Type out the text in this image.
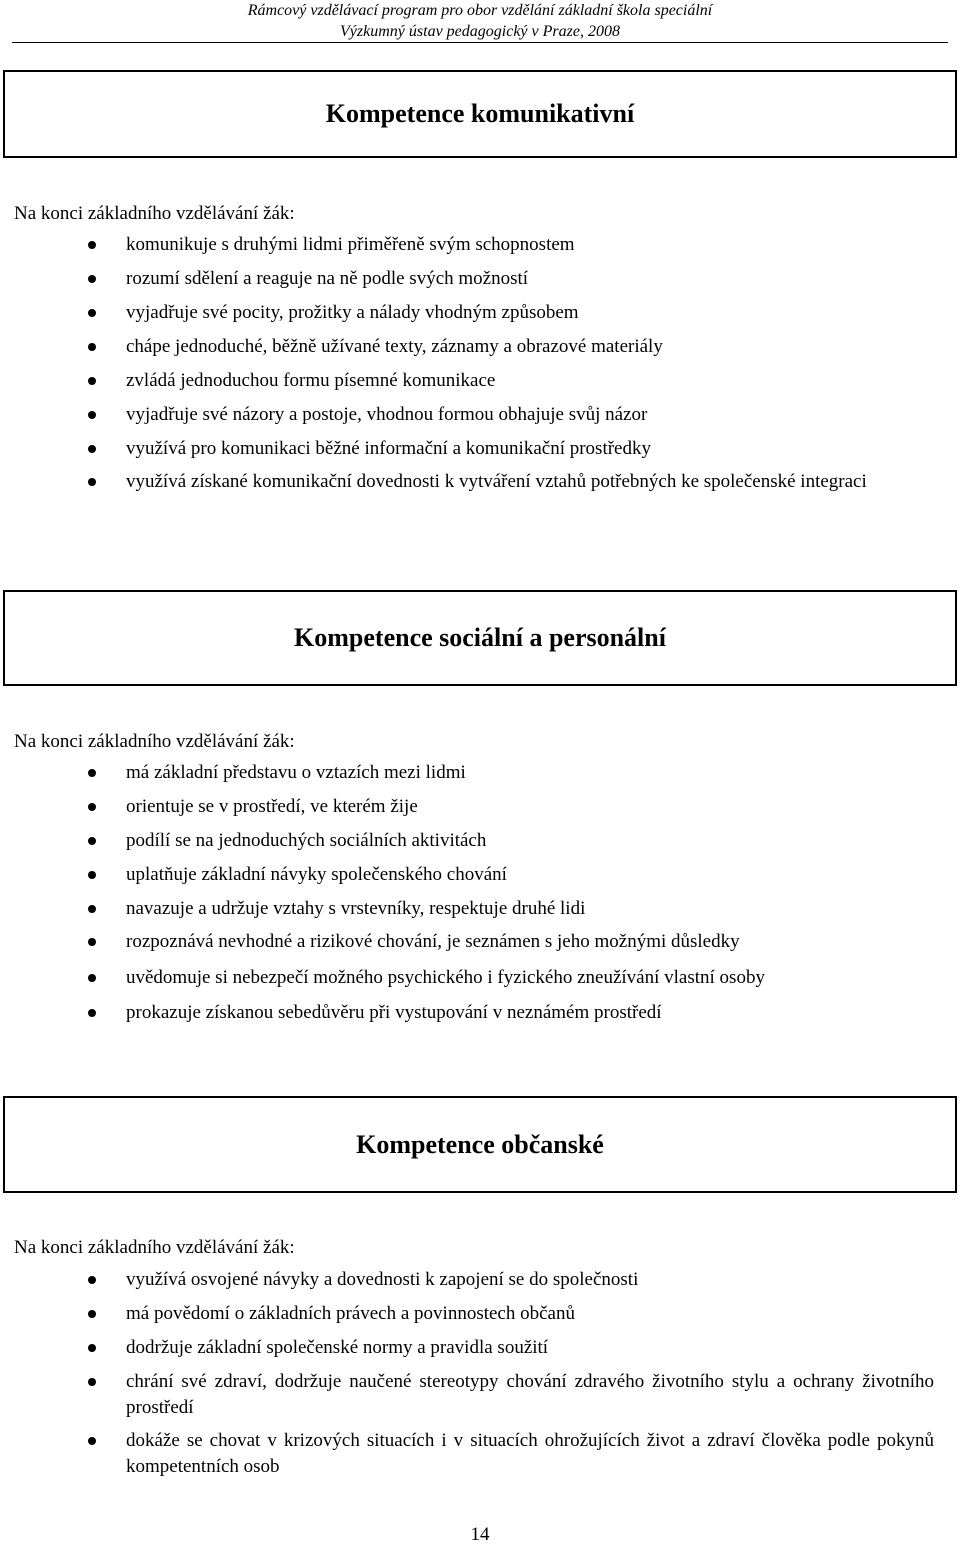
Rámcový vzdělávací program pro obor vzdělání základní škola speciální
Výzkumný ústav pedagogický v Praze, 2008
Kompetence komunikativní
Na konci základního vzdělávání žák:
komunikuje s druhými lidmi přiměřeně svým schopnostem
rozumí sdělení a reaguje na ně podle svých možností
vyjadřuje své pocity, prožitky a nálady vhodným způsobem
chápe jednoduché, běžně užívané texty, záznamy a obrazové materiály
zvládá jednoduchou formu písemné komunikace
vyjadřuje své názory a postoje, vhodnou formou obhajuje svůj názor
využívá pro komunikaci běžné informační a komunikační prostředky
využívá získané komunikační dovednosti k vytváření vztahů potřebných ke společenské integraci
Kompetence sociální a personální
Na konci základního vzdělávání žák:
má základní představu o vztazích mezi lidmi
orientuje se v prostředí, ve kterém žije
podílí se na jednoduchých sociálních aktivitách
uplatňuje základní návyky společenského chování
navazuje a udržuje vztahy s vrstevníky, respektuje druhé lidi
rozpoznává nevhodné a rizikové chování, je seznámen s jeho možnými důsledky
uvědomuje si nebezpečí možného psychického i fyzického zneužívání vlastní osoby
prokazuje získanou sebedůvěru při vystupování v neznámém prostředí
Kompetence občanské
Na konci základního vzdělávání žák:
využívá osvojené návyky a dovednosti k zapojení se do společnosti
má povědomí o základních právech a povinnostech občanů
dodržuje základní společenské normy a pravidla soužití
chrání své zdraví, dodržuje naučené stereotypy chování zdravého životního stylu a ochrany životního prostředí
dokáže se chovat v krizových situacích i v situacích ohrožujících život a zdraví člověka podle pokynů kompetentních osob
14
